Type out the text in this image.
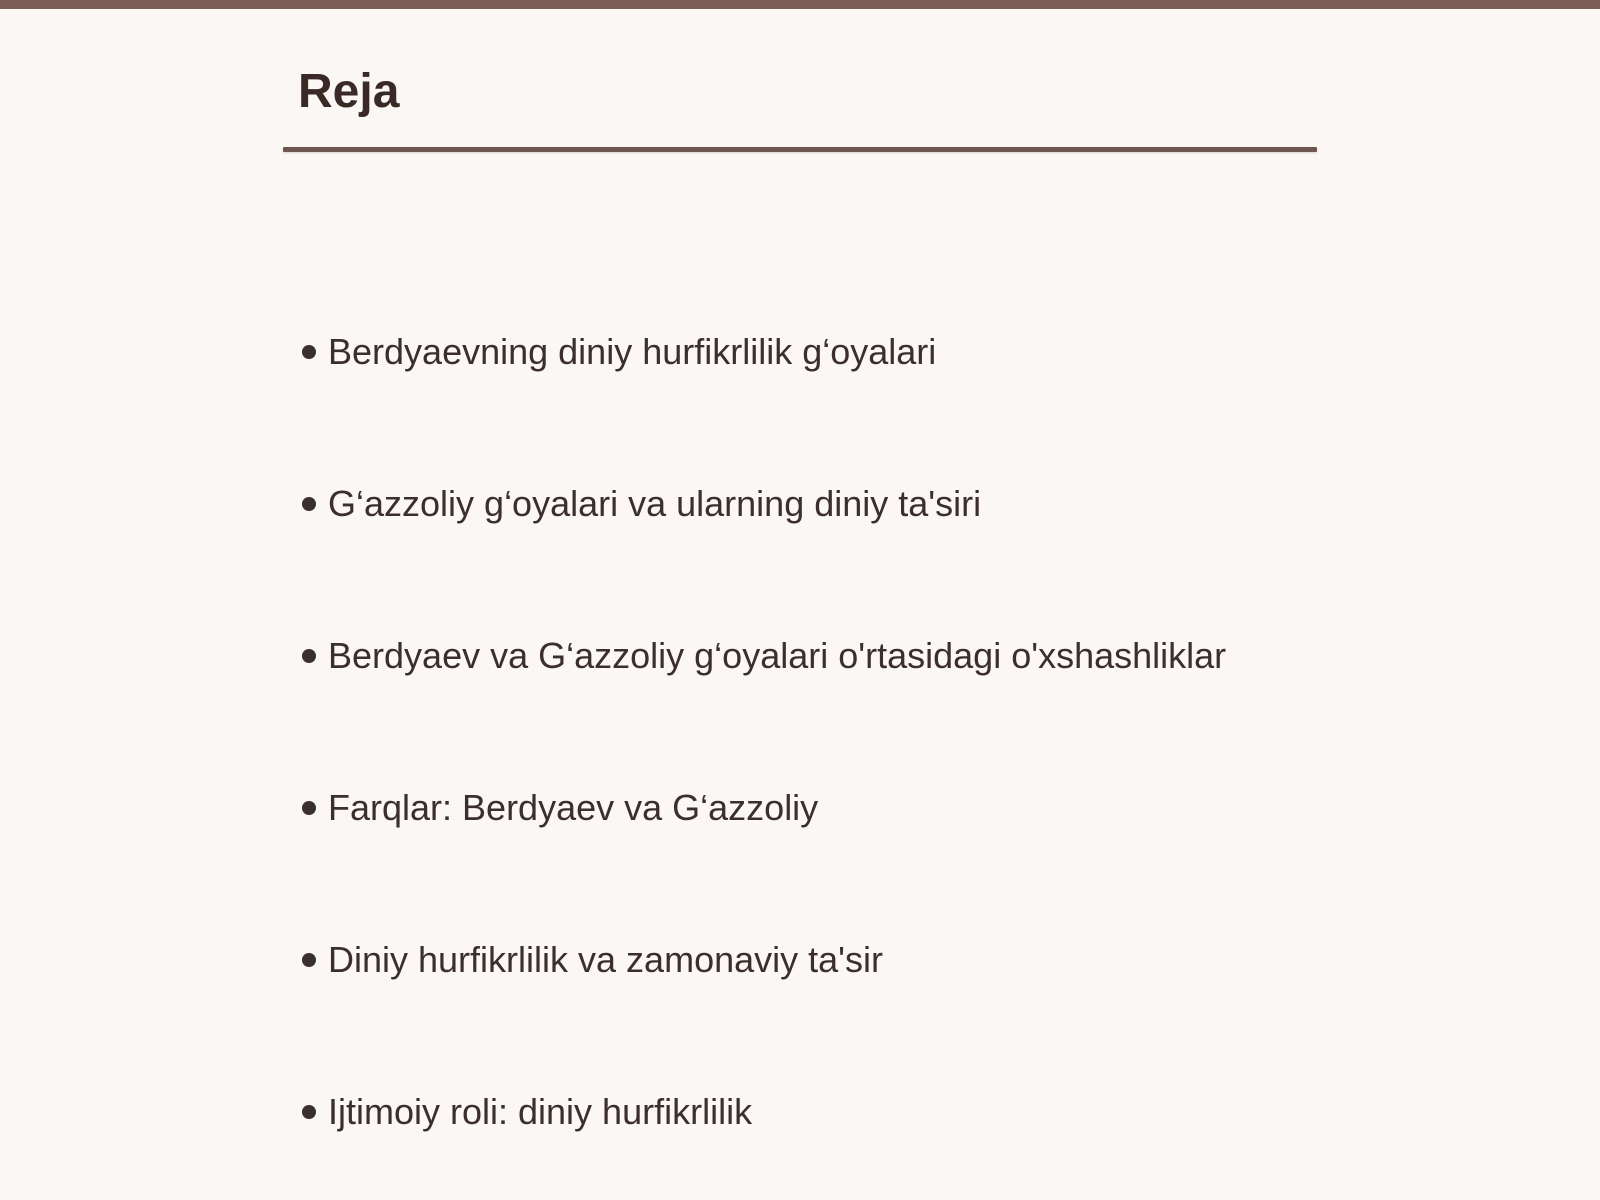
Reja
Berdyaevning diniy hurfikrlilik g‘oyalari
G‘azzoliy g‘oyalari va ularning diniy ta'siri
Berdyaev va G‘azzoliy g‘oyalari o'rtasidagi o'xshashliklar
Farqlar: Berdyaev va G‘azzoliy
Diniy hurfikrlilik va zamonaviy ta'sir
Ijtimoiy roli: diniy hurfikrlilik
